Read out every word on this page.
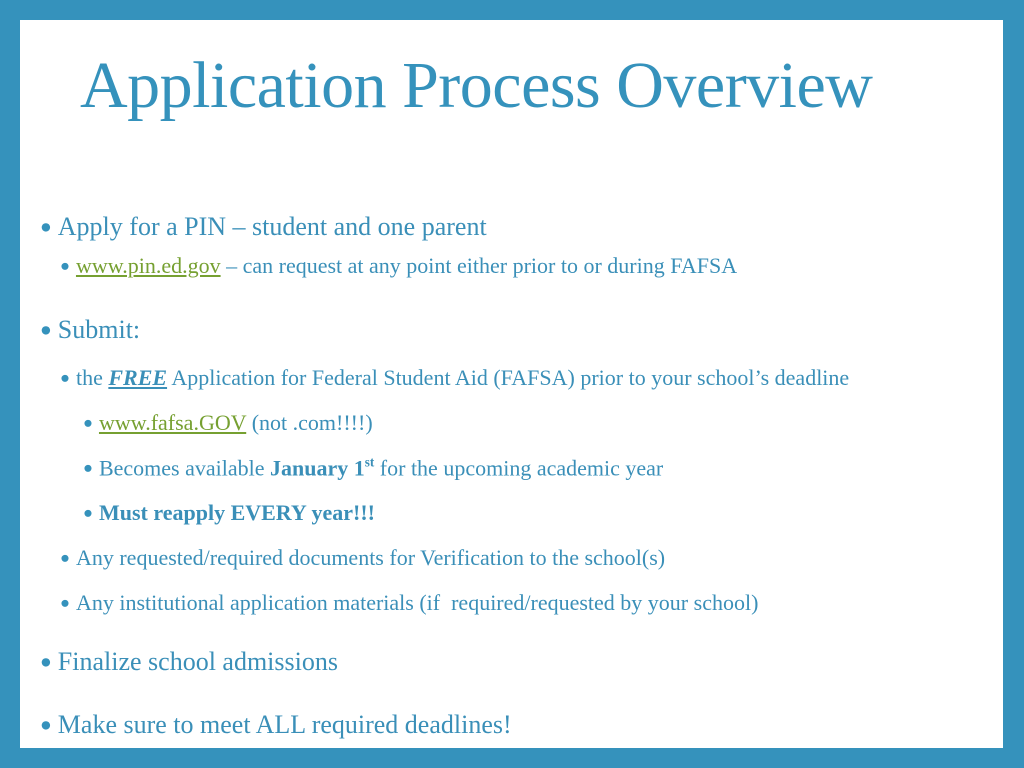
Application Process Overview
● Apply for a PIN – student and one parent
● www.pin.ed.gov – can request at any point either prior to or during FAFSA
● Submit:
● the FREE Application for Federal Student Aid (FAFSA) prior to your school’s deadline
● www.fafsa.GOV (not .com!!!!)
● Becomes available January 1st for the upcoming academic year
● Must reapply EVERY year!!!
● Any requested/required documents for Verification to the school(s)
● Any institutional application materials (if  required/requested by your school)
● Finalize school admissions
● Make sure to meet ALL required deadlines!
